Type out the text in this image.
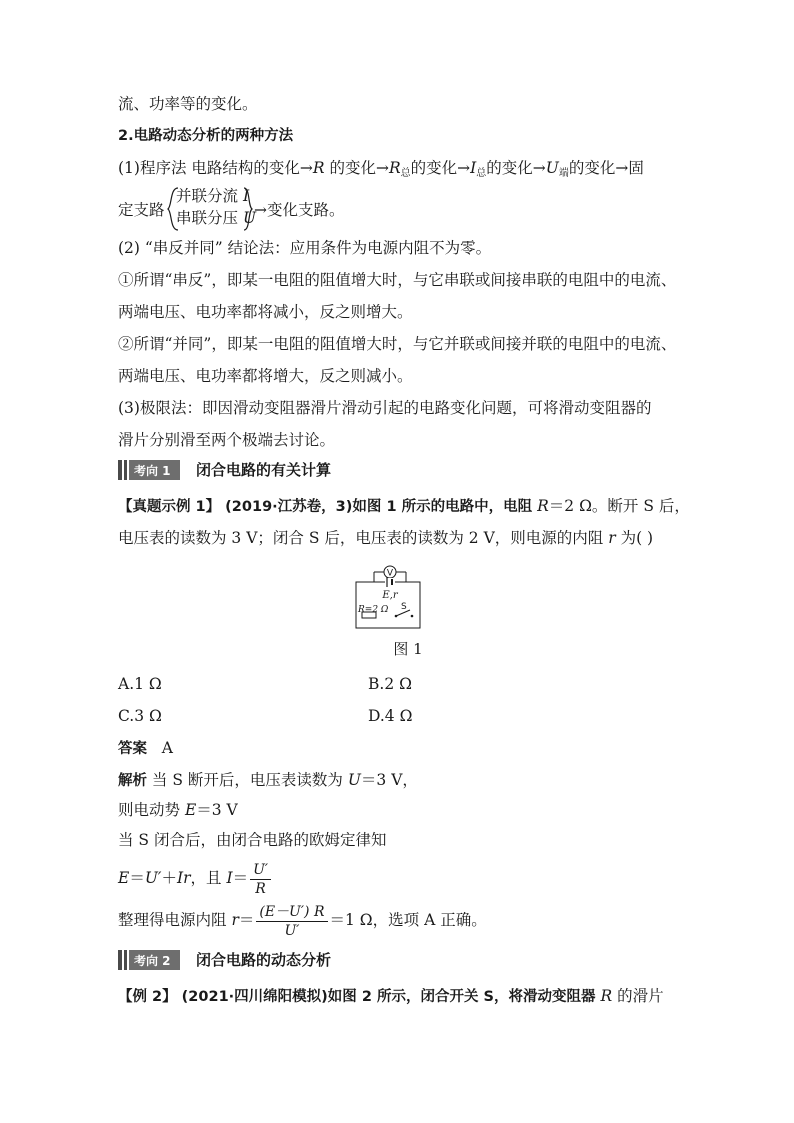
流、功率等的变化。
2.电路动态分析的两种方法
(1)程序法 电路结构的变化→R 的变化$\to R_总$的变化$\to I_总$的变化$\to U_端$的变化→固
定支路
并联分流 I
串联分压 U
→变化支路。
(2) “串反并同” 结论法：应用条件为电源内阻不为零。
①所谓“串反”，即某一电阻的阻值增大时，与它串联或间接串联的电阻中的电流、
两端电压、电功率都将减小，反之则增大。
②所谓“并同”，即某一电阻的阻值增大时，与它并联或间接并联的电阻中的电流、
两端电压、电功率都将增大，反之则减小。
(3)极限法：即因滑动变阻器滑片滑动引起的电路变化问题，可将滑动变阻器的
滑片分别滑至两个极端去讨论。
考向 1 闭合电路的有关计算
【真题示例 1】 (2019·江苏卷，3)如图 1 所示的电路中，电阻 R＝2 Ω。断开 S 后，
电压表的读数为 3 V；闭合 S 后，电压表的读数为 2 V，则电源的内阻 r 为( )
V
E,r
R=2 Ω S
图 1
A.1 Ω	B.2 Ω
C.3 Ω	D.4 Ω
答案 A
解析 当 S 断开后，电压表读数为 U＝3 V，
则电动势 E＝3 V
当 S 闭合后，由闭合电路的欧姆定律知
E＝U′＋Ir，且 $I= \frac{U'}{R}$
整理得电源内阻 $r= \frac{(E-U') R}{U'} =1$ Ω，选项 A 正确。
考向 2 闭合电路的动态分析
【例 2】 (2021·四川绵阳模拟)如图 2 所示，闭合开关 S，将滑动变阻器 R 的滑片
